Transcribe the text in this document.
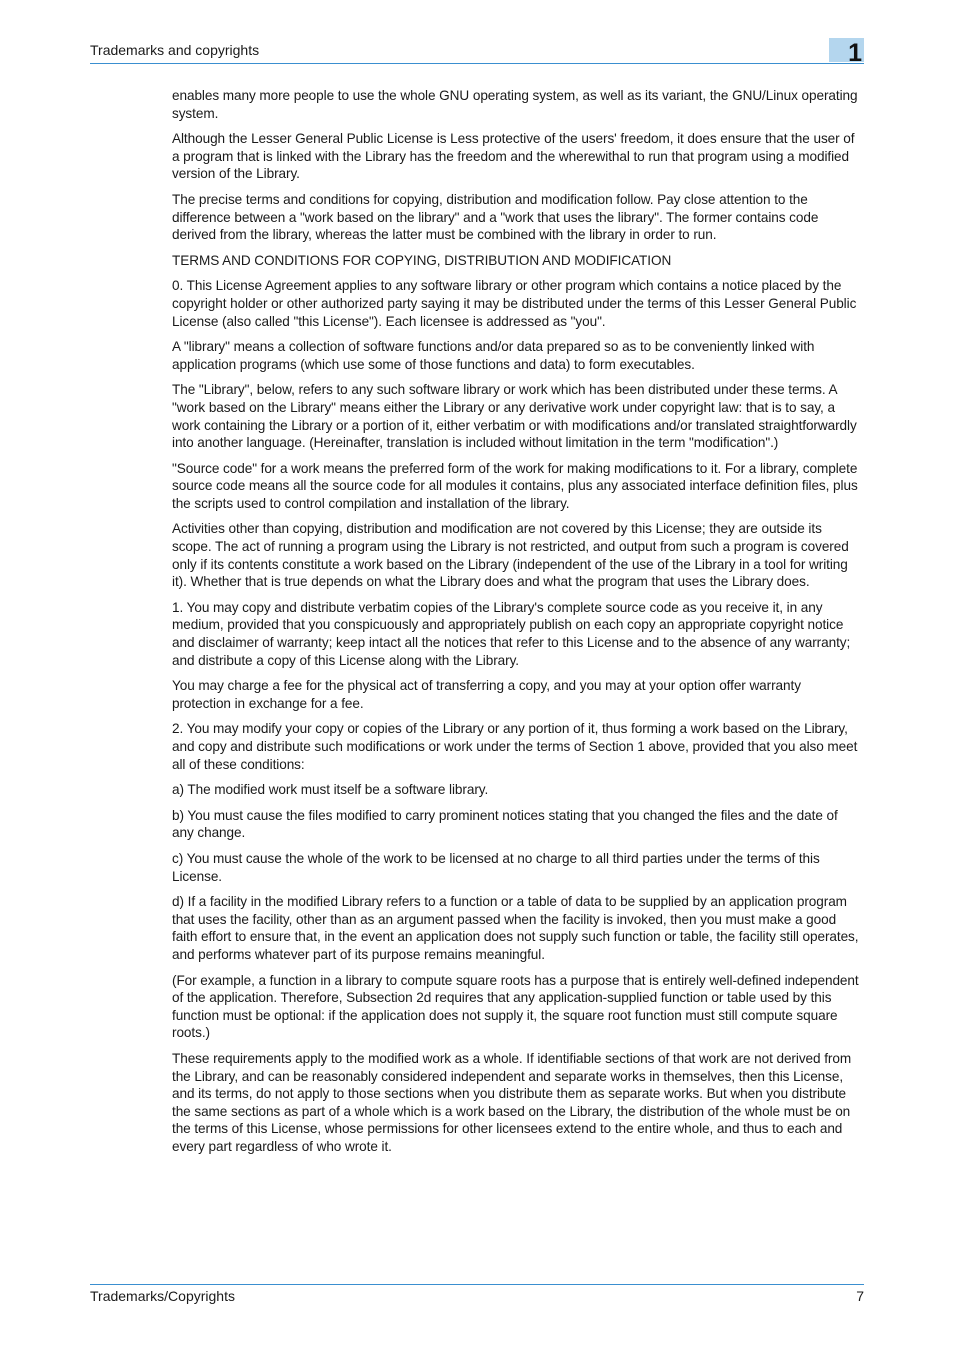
Trademarks and copyrights	1

enables many more people to use the whole GNU operating system, as well as its variant, the GNU/Linux operating system.

Although the Lesser General Public License is Less protective of the users' freedom, it does ensure that the user of a program that is linked with the Library has the freedom and the wherewithal to run that program using a modified version of the Library.

The precise terms and conditions for copying, distribution and modification follow. Pay close attention to the difference between a "work based on the library" and a "work that uses the library". The former contains code derived from the library, whereas the latter must be combined with the library in order to run.

TERMS AND CONDITIONS FOR COPYING, DISTRIBUTION AND MODIFICATION

0. This License Agreement applies to any software library or other program which contains a notice placed by the copyright holder or other authorized party saying it may be distributed under the terms of this Lesser General Public License (also called "this License"). Each licensee is addressed as "you".

A "library" means a collection of software functions and/or data prepared so as to be conveniently linked with application programs (which use some of those functions and data) to form executables.

The "Library", below, refers to any such software library or work which has been distributed under these terms. A "work based on the Library" means either the Library or any derivative work under copyright law: that is to say, a work containing the Library or a portion of it, either verbatim or with modifications and/or translated straightforwardly into another language. (Hereinafter, translation is included without limitation in the term "modification".)

"Source code" for a work means the preferred form of the work for making modifications to it. For a library, complete source code means all the source code for all modules it contains, plus any associated interface definition files, plus the scripts used to control compilation and installation of the library.

Activities other than copying, distribution and modification are not covered by this License; they are outside its scope. The act of running a program using the Library is not restricted, and output from such a program is covered only if its contents constitute a work based on the Library (independent of the use of the Library in a tool for writing it). Whether that is true depends on what the Library does and what the program that uses the Library does.

1. You may copy and distribute verbatim copies of the Library's complete source code as you receive it, in any medium, provided that you conspicuously and appropriately publish on each copy an appropriate copyright notice and disclaimer of warranty; keep intact all the notices that refer to this License and to the absence of any warranty; and distribute a copy of this License along with the Library.

You may charge a fee for the physical act of transferring a copy, and you may at your option offer warranty protection in exchange for a fee.

2. You may modify your copy or copies of the Library or any portion of it, thus forming a work based on the Library, and copy and distribute such modifications or work under the terms of Section 1 above, provided that you also meet all of these conditions:

a) The modified work must itself be a software library.

b) You must cause the files modified to carry prominent notices stating that you changed the files and the date of any change.

c) You must cause the whole of the work to be licensed at no charge to all third parties under the terms of this License.

d) If a facility in the modified Library refers to a function or a table of data to be supplied by an application program that uses the facility, other than as an argument passed when the facility is invoked, then you must make a good faith effort to ensure that, in the event an application does not supply such function or table, the facility still operates, and performs whatever part of its purpose remains meaningful.

(For example, a function in a library to compute square roots has a purpose that is entirely well-defined independent of the application. Therefore, Subsection 2d requires that any application-supplied function or table used by this function must be optional: if the application does not supply it, the square root function must still compute square roots.)

These requirements apply to the modified work as a whole. If identifiable sections of that work are not derived from the Library, and can be reasonably considered independent and separate works in themselves, then this License, and its terms, do not apply to those sections when you distribute them as separate works. But when you distribute the same sections as part of a whole which is a work based on the Library, the distribution of the whole must be on the terms of this License, whose permissions for other licensees extend to the entire whole, and thus to each and every part regardless of who wrote it.

Trademarks/Copyrights	7
